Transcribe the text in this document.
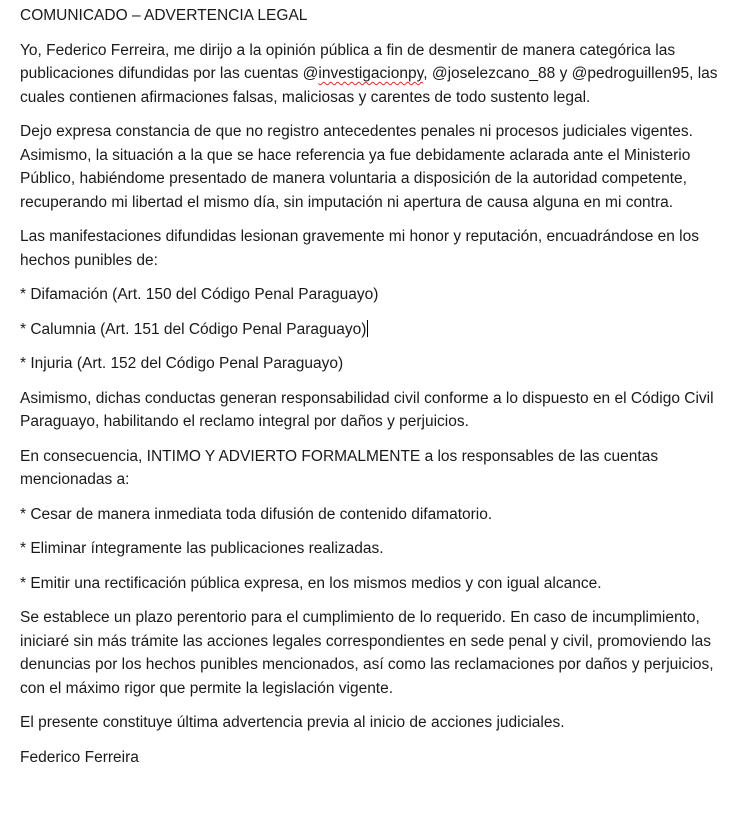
COMUNICADO – ADVERTENCIA LEGAL

Yo, Federico Ferreira, me dirijo a la opinión pública a fin de desmentir de manera categórica las publicaciones difundidas por las cuentas @investigacionpy, @joselezcano_88 y @pedroguillen95, las cuales contienen afirmaciones falsas, maliciosas y carentes de todo sustento legal.

Dejo expresa constancia de que no registro antecedentes penales ni procesos judiciales vigentes. Asimismo, la situación a la que se hace referencia ya fue debidamente aclarada ante el Ministerio Público, habiéndome presentado de manera voluntaria a disposición de la autoridad competente, recuperando mi libertad el mismo día, sin imputación ni apertura de causa alguna en mi contra.

Las manifestaciones difundidas lesionan gravemente mi honor y reputación, encuadrándose en los hechos punibles de:

* Difamación (Art. 150 del Código Penal Paraguayo)

* Calumnia (Art. 151 del Código Penal Paraguayo)

* Injuria (Art. 152 del Código Penal Paraguayo)

Asimismo, dichas conductas generan responsabilidad civil conforme a lo dispuesto en el Código Civil Paraguayo, habilitando el reclamo integral por daños y perjuicios.

En consecuencia, INTIMO Y ADVIERTO FORMALMENTE a los responsables de las cuentas mencionadas a:

* Cesar de manera inmediata toda difusión de contenido difamatorio.

* Eliminar íntegramente las publicaciones realizadas.

* Emitir una rectificación pública expresa, en los mismos medios y con igual alcance.

Se establece un plazo perentorio para el cumplimiento de lo requerido. En caso de incumplimiento, iniciaré sin más trámite las acciones legales correspondientes en sede penal y civil, promoviendo las denuncias por los hechos punibles mencionados, así como las reclamaciones por daños y perjuicios, con el máximo rigor que permite la legislación vigente.

El presente constituye última advertencia previa al inicio de acciones judiciales.

Federico Ferreira
